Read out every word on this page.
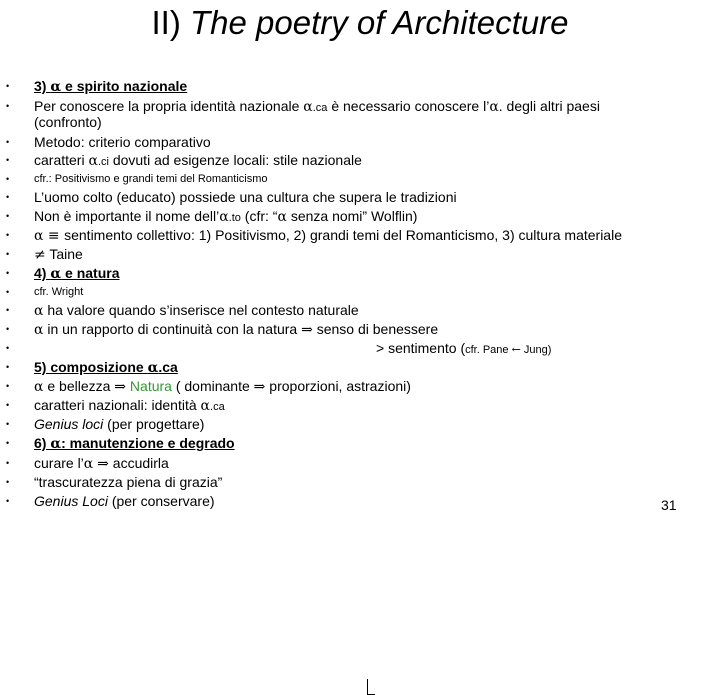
II) The poetry of Architecture
• 3) α e spirito nazionale
• Per conoscere la propria identità nazionale α.ca è necessario conoscere l’α. degli altri paesi
(confronto)
• Metodo: criterio comparativo
• caratteri α.ci dovuti ad esigenze locali: stile nazionale
• cfr.: Positivismo e grandi temi del Romanticismo
• L’uomo colto (educato) possiede una cultura che supera le tradizioni
• Non è importante il nome dell’α.to (cfr: “α senza nomi” Wolflin)
• α ≡ sentimento collettivo: 1) Positivismo, 2) grandi temi del Romanticismo, 3) cultura materiale
• ≠ Taine
• 4) α e natura
• cfr. Wright
• α ha valore quando s’inserisce nel contesto naturale
• α in un rapporto di continuità con la natura ⇒ senso di benessere
•	> sentimento (cfr. Pane ← Jung)
• 5) composizione α.ca
• α e bellezza ⇒ Natura ( dominante ⇒ proporzioni, astrazioni)
• caratteri nazionali: identità α.ca
• Genius loci (per progettare)
• 6) α: manutenzione e degrado
• curare l’α ⇒ accudirla
• “trascuratezza piena di grazia”
• Genius Loci (per conservare)	31
